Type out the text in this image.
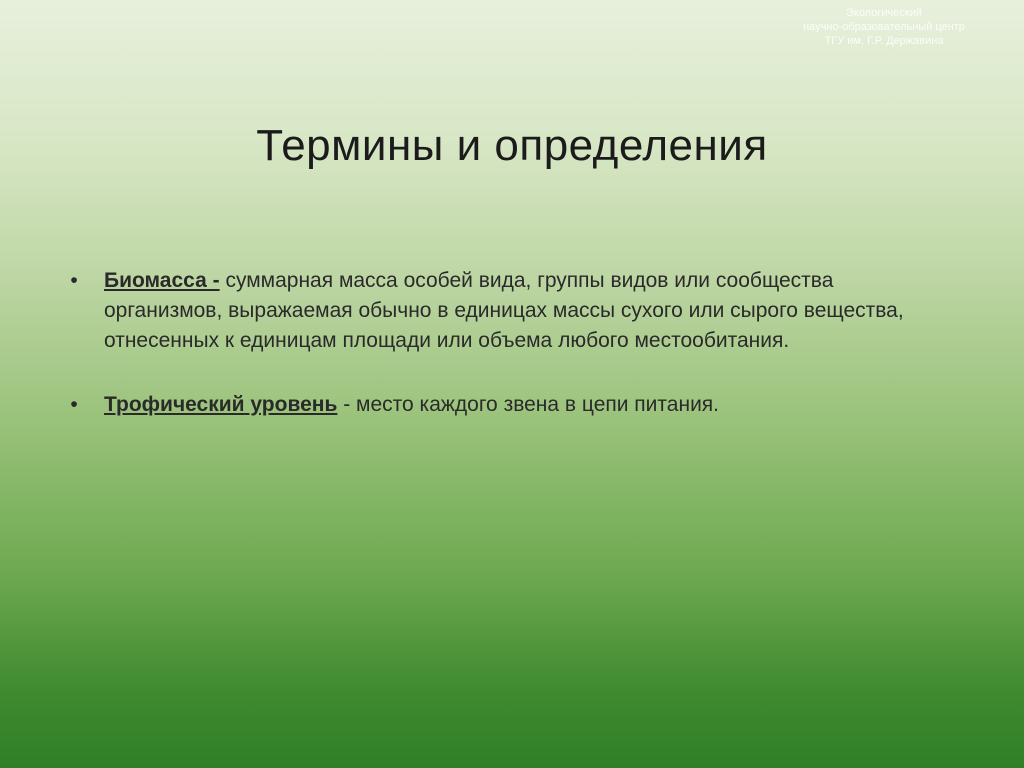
Экологический
научно-образовательный центр
ТГУ им. Г.Р. Державина
Термины и определения
•	Биомасса - суммарная масса особей вида, группы видов или сообщества организмов, выражаемая обычно в единицах массы сухого или сырого вещества, отнесенных к единицам площади или объема любого местообитания.
•	Трофический уровень - место каждого звена в цепи питания.
